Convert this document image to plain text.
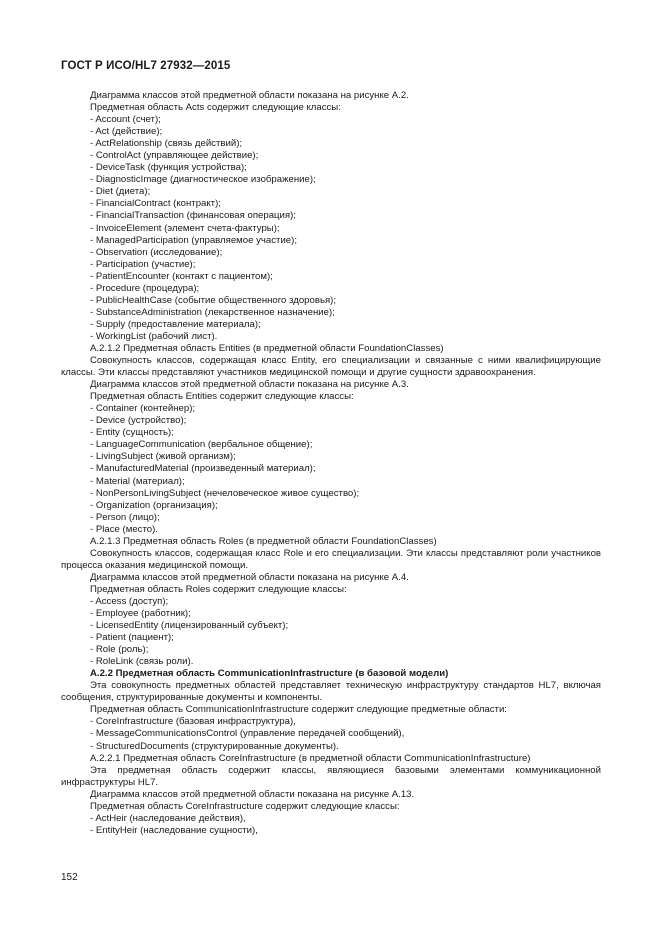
ГОСТ Р ИСО/HL7 27932—2015
Диаграмма классов этой предметной области показана на рисунке А.2.
Предметная область Acts содержит следующие классы:
- Account (счет);
- Act (действие);
- ActRelationship (связь действий);
- ControlAct (управляющее действие);
- DeviceTask (функция устройства);
- DiagnosticImage (диагностическое изображение);
- Diet (диета);
- FinancialContract (контракт);
- FinancialTransaction (финансовая операция);
- InvoiceElement (элемент счета-фактуры);
- ManagedParticipation (управляемое участие);
- Observation (исследование);
- Participation (участие);
- PatientEncounter (контакт с пациентом);
- Procedure (процедура);
- PublicHealthCase (событие общественного здоровья);
- SubstanceAdministration (лекарственное назначение);
- Supply (предоставление материала);
- WorkingList (рабочий лист).
А.2.1.2 Предметная область Entities (в предметной области FoundationClasses)
Совокупность классов, содержащая класс Entity, его специализации и связанные с ними квалифицирующие классы. Эти классы представляют участников медицинской помощи и другие сущности здравоохранения.
Диаграмма классов этой предметной области показана на рисунке А.3.
Предметная область Entities содержит следующие классы:
- Container (контейнер);
- Device (устройство);
- Entity (сущность);
- LanguageCommunication (вербальное общение);
- LivingSubject (живой организм);
- ManufacturedMaterial (произведенный материал);
- Material (материал);
- NonPersonLivingSubject (нечеловеческое живое существо);
- Organization (организация);
- Person (лицо);
- Place (место).
А.2.1.3 Предметная область Roles (в предметной области FoundationClasses)
Совокупность классов, содержащая класс Role и его специализации. Эти классы представляют роли участников процесса оказания медицинской помощи.
Диаграмма классов этой предметной области показана на рисунке А.4.
Предметная область Roles содержит следующие классы:
- Access (доступ);
- Employee (работник);
- LicensedEntity (лицензированный субъект);
- Patient (пациент);
- Role (роль);
- RoleLink (связь роли).
А.2.2 Предметная область CommunicationInfrastructure (в базовой модели)
Эта совокупность предметных областей представляет техническую инфраструктуру стандартов HL7, включая сообщения, структурированные документы и компоненты.
Предметная область CommunicationInfrastructure содержит следующие предметные области:
- CoreInfrastructure (базовая инфраструктура),
- MessageCommunicationsControl (управление передачей сообщений),
- StructuredDocuments (структурированные документы).
А.2.2.1 Предметная область CoreInfrastructure (в предметной области CommunicationInfrastructure)
Эта предметная область содержит классы, являющиеся базовыми элементами коммуникационной инфраструктуры HL7.
Диаграмма классов этой предметной области показана на рисунке А.13.
Предметная область CoreInfrastructure содержит следующие классы:
- ActHeir (наследование действия),
- EntityHeir (наследование сущности),
152
